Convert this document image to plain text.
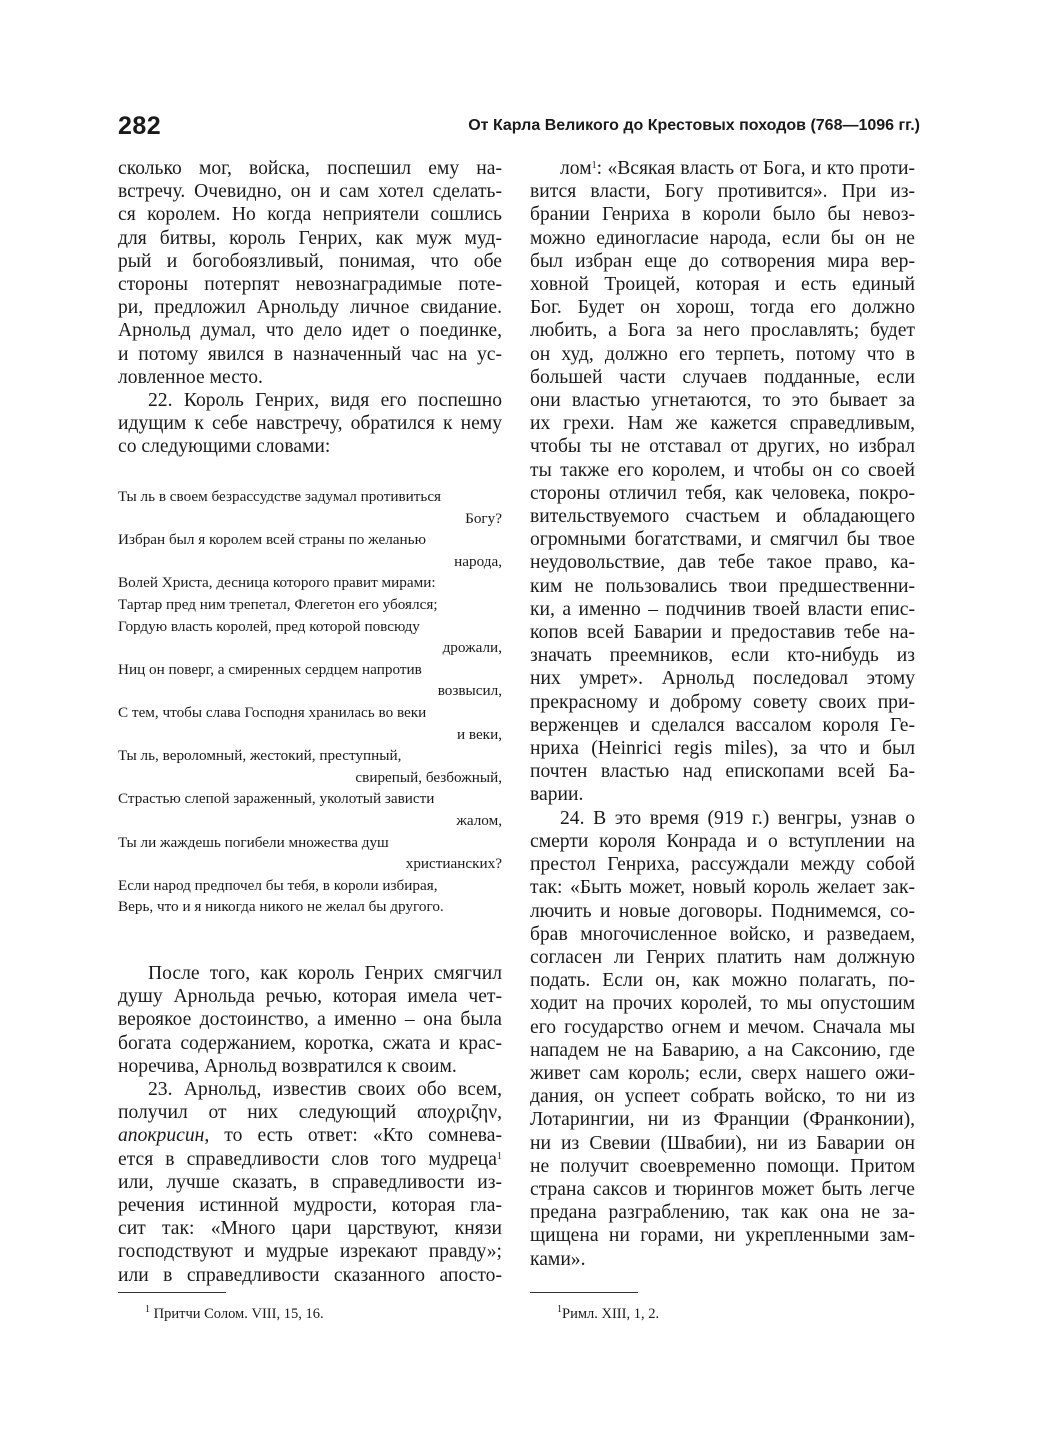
282	От Карла Великого до Крестовых походов (768—1096 гг.)
сколько мог, войска, поспешил ему на-
встречу. Очевидно, он и сам хотел сделать-
ся королем. Но когда неприятели сошлись
для битвы, король Генрих, как муж муд-
рый и богобоязливый, понимая, что обе
стороны потерпят невознаградимые поте-
ри, предложил Арнольду личное свидание.
Арнольд думал, что дело идет о поединке,
и потому явился в назначенный час на ус-
ловленное место.
22. Король Генрих, видя его поспешно
идущим к себе навстречу, обратился к нему
со следующими словами:
Ты ль в своем безрассудстве задумал противиться
Богу?
Избран был я королем всей страны по желанью
народа,
Волей Христа, десница которого правит мирами:
Тартар пред ним трепетал, Флегетон его убоялся;
Гордую власть королей, пред которой повсюду
дрожали,
Ниц он поверг, а смиренных сердцем напротив
возвысил,
С тем, чтобы слава Господня хранилась во веки
и веки,
Ты ль, вероломный, жестокий, преступный,
свирепый, безбожный,
Страстью слепой зараженный, уколотый зависти
жалом,
Ты ли жаждешь погибели множества душ
христианских?
Если народ предпочел бы тебя, в короли избирая,
Верь, что и я никогда никого не желал бы другого.
После того, как король Генрих смягчил
душу Арнольда речью, которая имела чет-
вероякое достоинство, а именно – она была
богата содержанием, коротка, сжата и крас-
норечива, Арнольд возвратился к своим.
23. Арнольд, известив своих обо всем,
получил от них следующий αποχριζην,
апокрисин, то есть ответ: «Кто сомнева-
ется в справедливости слов того мудреца$^1$
или, лучше сказать, в справедливости из-
речения истинной мудрости, которая гла-
сит так: «Много цари царствуют, князи
господствуют и мудрые изрекают правду»;
или в справедливости сказанного апосто-
$^1$ Притчи Солом. VIII, 15, 16.
лом$^1$: «Всякая власть от Бога, и кто проти-
вится власти, Богу противится». При из-
брании Генриха в короли было бы невоз-
можно единогласие народа, если бы он не
был избран еще до сотворения мира вер-
ховной Троицей, которая и есть единый
Бог. Будет он хорош, тогда его должно
любить, а Бога за него прославлять; будет
он худ, должно его терпеть, потому что в
большей части случаев подданные, если
они властью угнетаются, то это бывает за
их грехи. Нам же кажется справедливым,
чтобы ты не отставал от других, но избрал
ты также его королем, и чтобы он со своей
стороны отличил тебя, как человека, покро-
вительствуемого счастьем и обладающего
огромными богатствами, и смягчил бы твое
неудовольствие, дав тебе такое право, ка-
ким не пользовались твои предшественни-
ки, а именно – подчинив твоей власти епис-
копов всей Баварии и предоставив тебе на-
значать преемников, если кто-нибудь из
них умрет». Арнольд последовал этому
прекрасному и доброму совету своих при-
верженцев и сделался вассалом короля Ге-
нриха (Heinrici regis miles), за что и был
почтен властью над епископами всей Ба-
варии.
24. В это время (919 г.) венгры, узнав о
смерти короля Конрада и о вступлении на
престол Генриха, рассуждали между собой
так: «Быть может, новый король желает зак-
лючить и новые договоры. Поднимемся, со-
брав многочисленное войско, и разведаем,
согласен ли Генрих платить нам должную
подать. Если он, как можно полагать, по-
ходит на прочих королей, то мы опустошим
его государство огнем и мечом. Сначала мы
нападем не на Баварию, а на Саксонию, где
живет сам король; если, сверх нашего ожи-
дания, он успеет собрать войско, то ни из
Лотарингии, ни из Франции (Франконии),
ни из Свевии (Швабии), ни из Баварии он
не получит своевременно помощи. Притом
страна саксов и тюрингов может быть легче
предана разграблению, так как она не за-
щищена ни горами, ни укрепленными зам-
ками».
$^1$Римл. XIII, 1, 2.
